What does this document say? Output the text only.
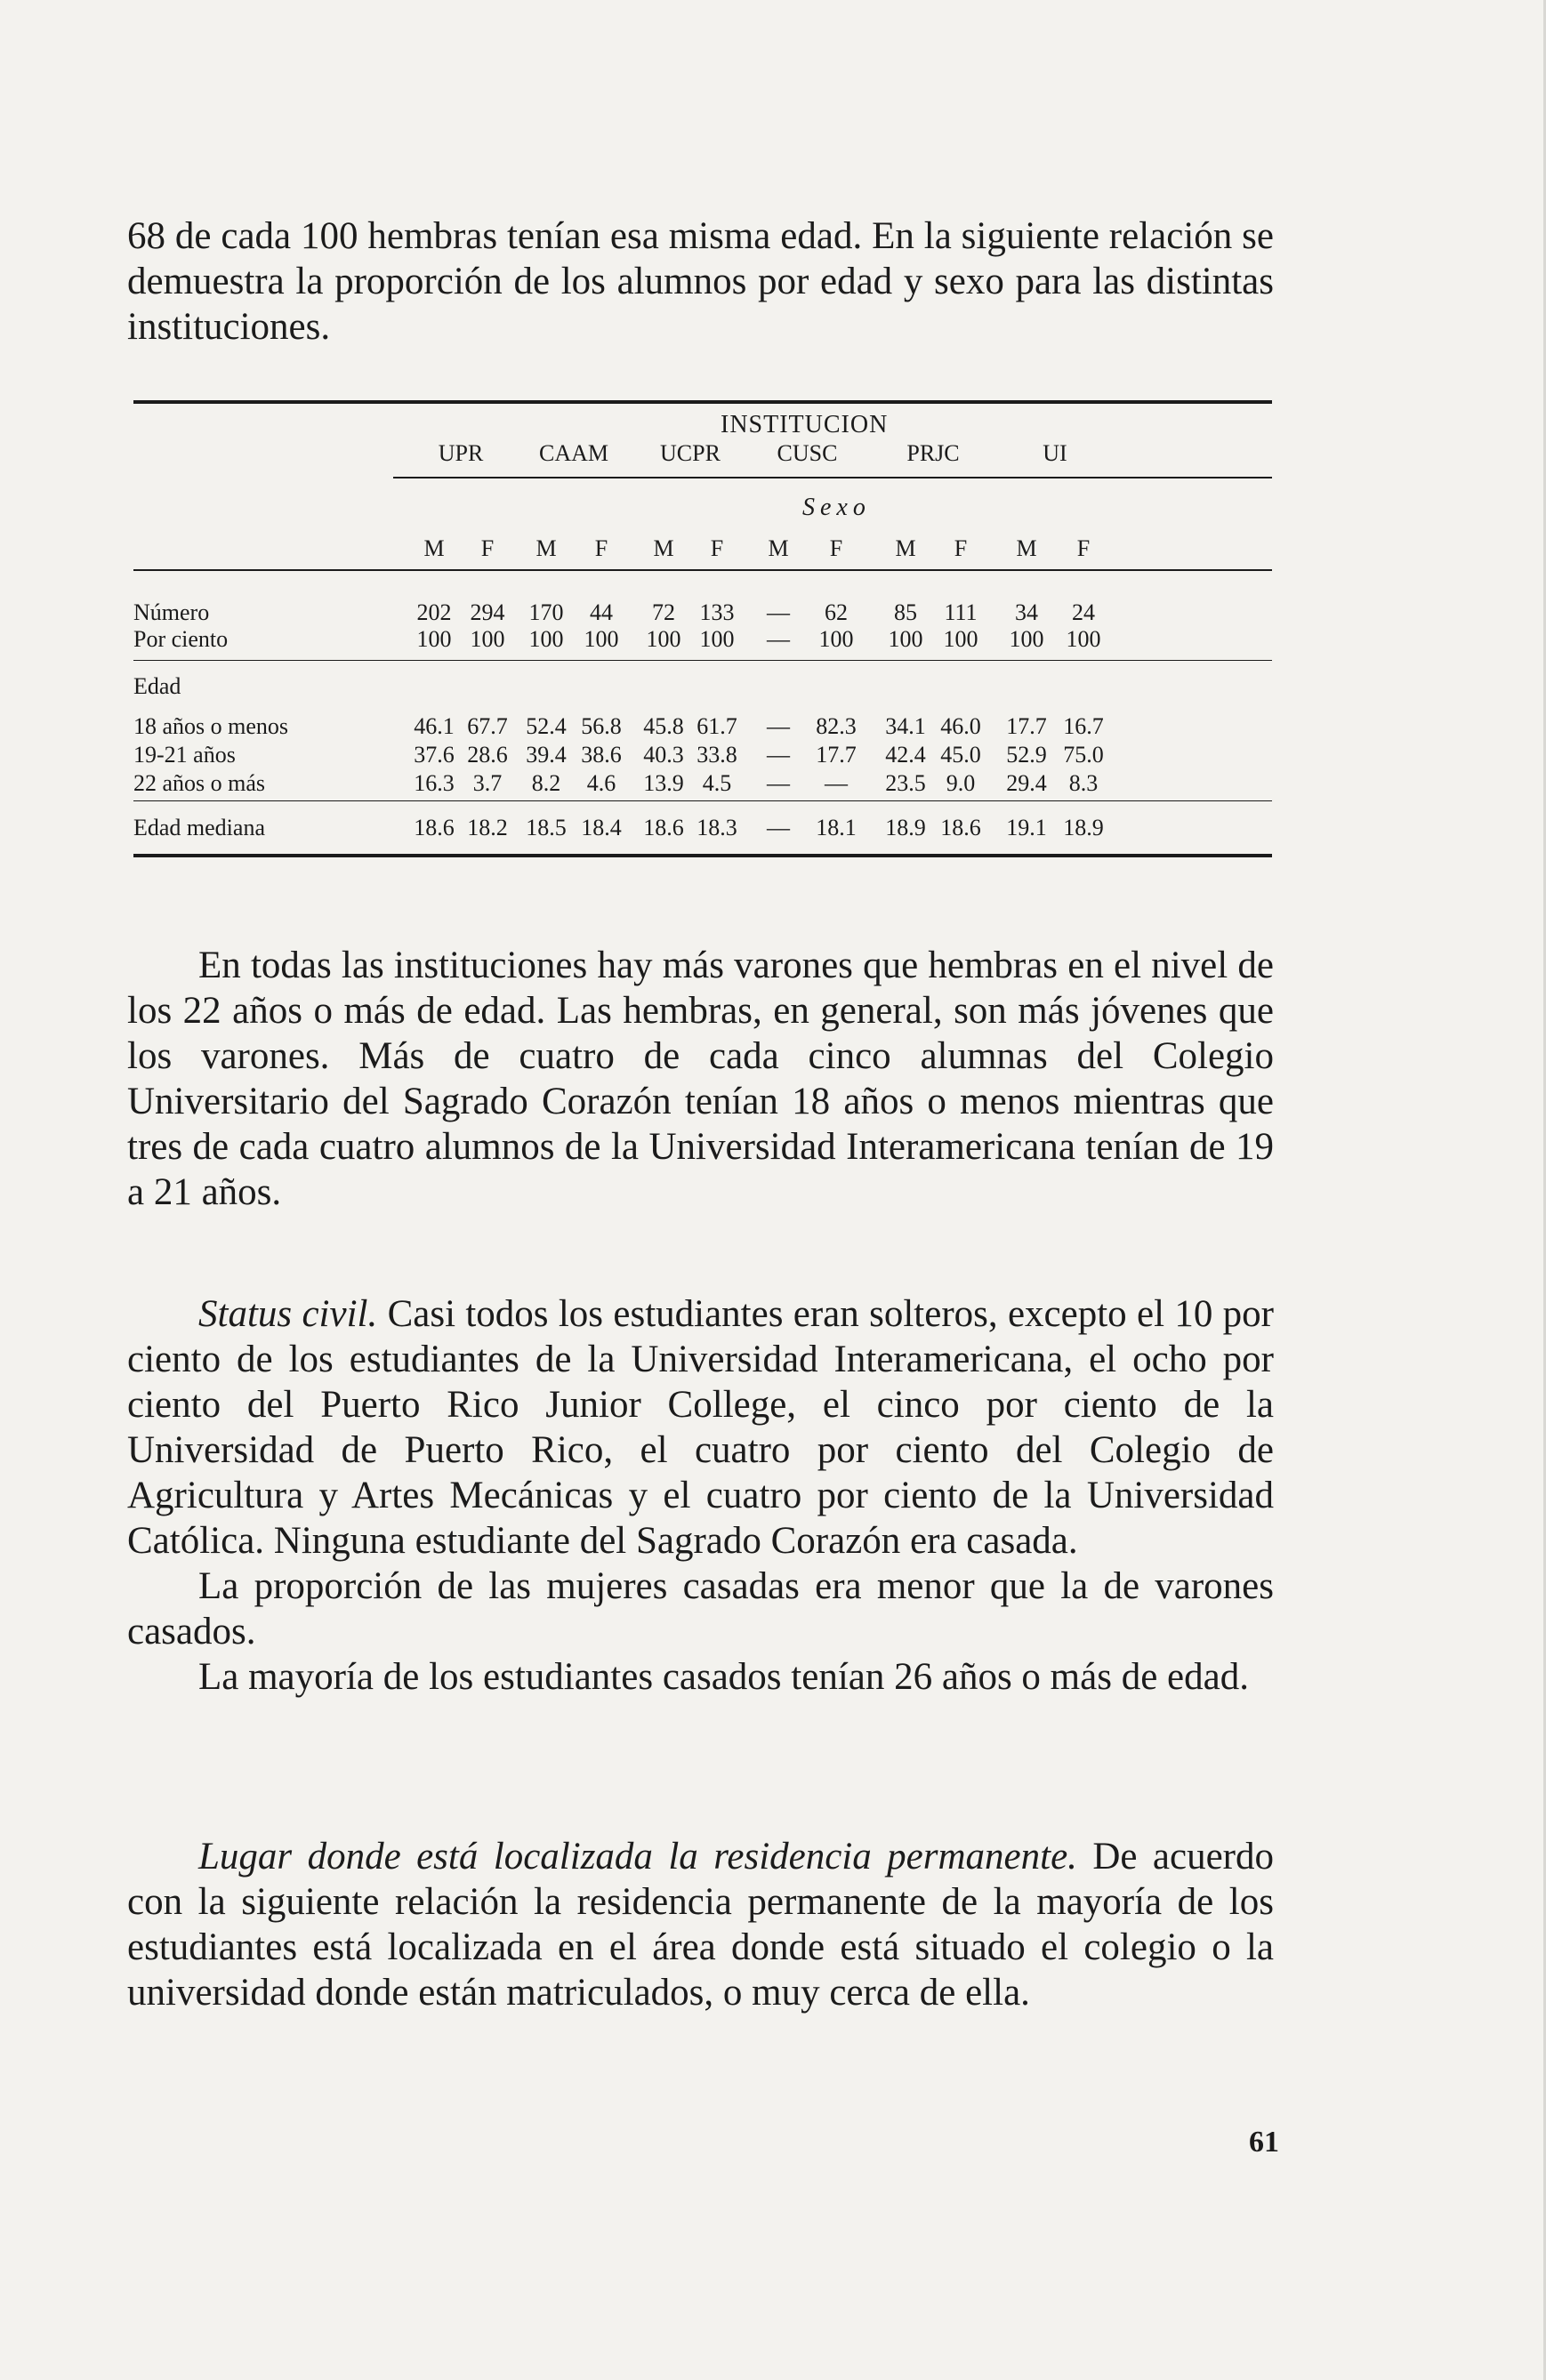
68 de cada 100 hembras tenían esa misma edad. En la siguiente relación se demuestra la proporción de los alumnos por edad y sexo para las distintas instituciones.

INSTITUCION
UPR	CAAM	UCPR	CUSC	PRJC	UI
Sexo
M	F	M	F	M	F	M	F	M	F	M	F
Número	202 294	170	44	72	133	—	62	85	111	34	24
Por ciento	100 100	100 100	100 100	—	100	100 100	100 100
Edad
18 años o menos	46.1 67.7 52.4 56.8 45.8 61.7	—	82.3	34.1 46.0	17.7 16.7
19-21 años	37.6 28.6 39.4 38.6 40.3 33.8	—	17.7	42.4 45.0	52.9 75.0
22 años o más	16.3 3.7	8.2	4.6	13.9 4.5	—	—	23.5 9.0	29.4 8.3
Edad mediana	18.6 18.2 18.5 18.4 18.6 18.3	—	18.1	18.9 18.6	19.1 18.9

En todas las instituciones hay más varones que hembras en el nivel de los 22 años o más de edad. Las hembras, en general, son más jóvenes que los varones. Más de cuatro de cada cinco alumnas del Colegio Universitario del Sagrado Corazón tenían 18 años o menos mientras que tres de cada cuatro alumnos de la Universidad Interamericana tenían de 19 a 21 años.

Status civil. Casi todos los estudiantes eran solteros, excepto el 10 por ciento de los estudiantes de la Universidad Interamericana, el ocho por ciento del Puerto Rico Junior College, el cinco por ciento de la Universidad de Puerto Rico, el cuatro por ciento del Colegio de Agricultura y Artes Mecánicas y el cuatro por ciento de la Universidad Católica. Ninguna estudiante del Sagrado Corazón era casada.

La proporción de las mujeres casadas era menor que la de varones casados.

La mayoría de los estudiantes casados tenían 26 años o más de edad.

Lugar donde está localizada la residencia permanente. De acuerdo con la siguiente relación la residencia permanente de la mayoría de los estudiantes está localizada en el área donde está situado el colegio o la universidad donde están matriculados, o muy cerca de ella.

61
